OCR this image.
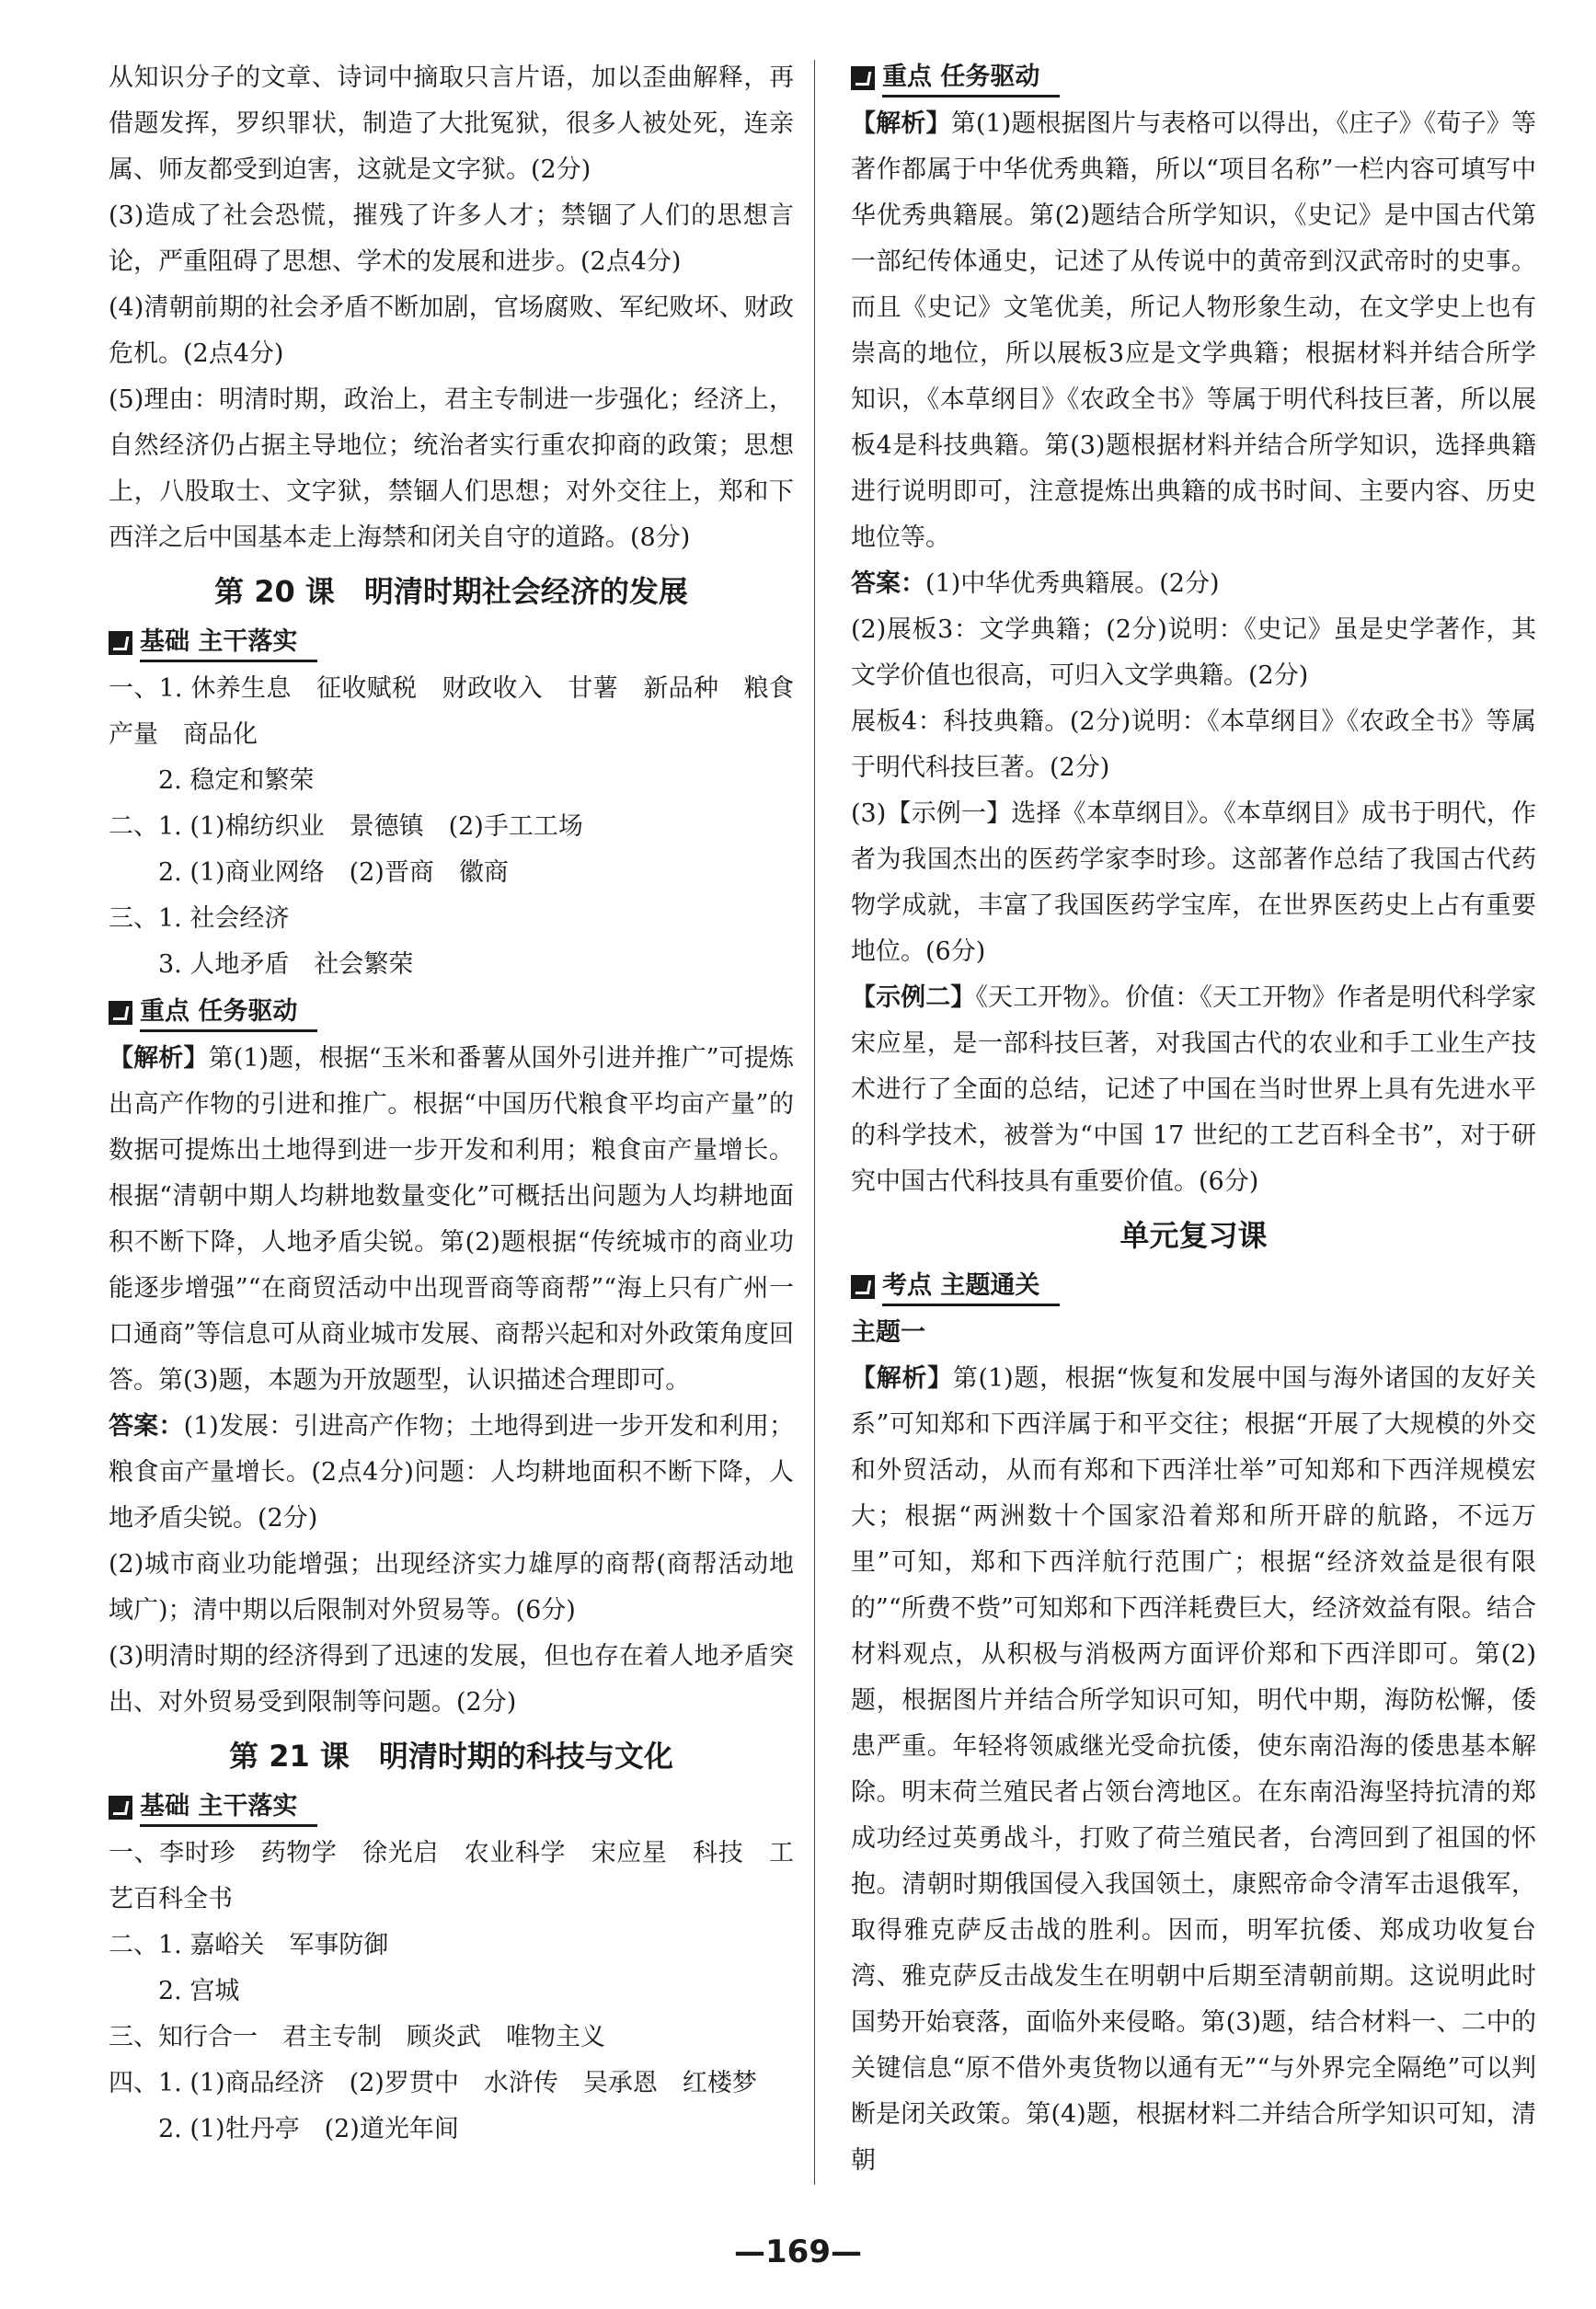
从知识分子的文章、诗词中摘取只言片语，加以歪曲解释，再借题发挥，罗织罪状，制造了大批冤狱，很多人被处死，连亲属、师友都受到迫害，这就是文字狱。(2分)

(3)造成了社会恐慌，摧残了许多人才；禁锢了人们的思想言论，严重阻碍了思想、学术的发展和进步。(2点4分)

(4)清朝前期的社会矛盾不断加剧，官场腐败、军纪败坏、财政危机。(2点4分)

(5)理由：明清时期，政治上，君主专制进一步强化；经济上，自然经济仍占据主导地位；统治者实行重农抑商的政策；思想上，八股取士、文字狱，禁锢人们思想；对外交往上，郑和下西洋之后中国基本走上海禁和闭关自守的道路。(8分)

第 20 课　明清时期社会经济的发展
基础 主干落实

一、1. 休养生息　征收赋税　财政收入　甘薯　新品种　粮食产量　商品化

2. 稳定和繁荣

二、1. (1)棉纺织业　景德镇　(2)手工工场

2. (1)商业网络　(2)晋商　徽商

三、1. 社会经济

3. 人地矛盾　社会繁荣

重点 任务驱动

【解析】第(1)题，根据“玉米和番薯从国外引进并推广”可提炼出高产作物的引进和推广。根据“中国历代粮食平均亩产量”的数据可提炼出土地得到进一步开发和利用；粮食亩产量增长。根据“清朝中期人均耕地数量变化”可概括出问题为人均耕地面积不断下降，人地矛盾尖锐。第(2)题根据“传统城市的商业功能逐步增强”“在商贸活动中出现晋商等商帮”“海上只有广州一口通商”等信息可从商业城市发展、商帮兴起和对外政策角度回答。第(3)题，本题为开放题型，认识描述合理即可。

答案：(1)发展：引进高产作物；土地得到进一步开发和利用；粮食亩产量增长。(2点4分)问题：人均耕地面积不断下降，人地矛盾尖锐。(2分)

(2)城市商业功能增强；出现经济实力雄厚的商帮(商帮活动地域广)；清中期以后限制对外贸易等。(6分)

(3)明清时期的经济得到了迅速的发展，但也存在着人地矛盾突出、对外贸易受到限制等问题。(2分)

第 21 课　明清时期的科技与文化
基础 主干落实

一、李时珍　药物学　徐光启　农业科学　宋应星　科技　工艺百科全书

二、1. 嘉峪关　军事防御

2. 宫城

三、知行合一　君主专制　顾炎武　唯物主义

四、1. (1)商品经济　(2)罗贯中　水浒传　吴承恩　红楼梦

2. (1)牡丹亭　(2)道光年间

重点 任务驱动

【解析】第(1)题根据图片与表格可以得出，《庄子》《荀子》等著作都属于中华优秀典籍，所以“项目名称”一栏内容可填写中华优秀典籍展。第(2)题结合所学知识，《史记》是中国古代第一部纪传体通史，记述了从传说中的黄帝到汉武帝时的史事。而且《史记》文笔优美，所记人物形象生动，在文学史上也有崇高的地位，所以展板3应是文学典籍；根据材料并结合所学知识，《本草纲目》《农政全书》等属于明代科技巨著，所以展板4是科技典籍。第(3)题根据材料并结合所学知识，选择典籍进行说明即可，注意提炼出典籍的成书时间、主要内容、历史地位等。

答案：(1)中华优秀典籍展。(2分)

(2)展板3：文学典籍；(2分)说明：《史记》虽是史学著作，其文学价值也很高，可归入文学典籍。(2分)

展板4：科技典籍。(2分)说明：《本草纲目》《农政全书》等属于明代科技巨著。(2分)

(3)【示例一】选择《本草纲目》。《本草纲目》成书于明代，作者为我国杰出的医药学家李时珍。这部著作总结了我国古代药物学成就，丰富了我国医药学宝库，在世界医药史上占有重要地位。(6分)

【示例二】《天工开物》。价值：《天工开物》作者是明代科学家宋应星，是一部科技巨著，对我国古代的农业和手工业生产技术进行了全面的总结，记述了中国在当时世界上具有先进水平的科学技术，被誉为“中国 17 世纪的工艺百科全书”，对于研究中国古代科技具有重要价值。(6分)

单元复习课
考点 主题通关
主题一

【解析】第(1)题，根据“恢复和发展中国与海外诸国的友好关系”可知郑和下西洋属于和平交往；根据“开展了大规模的外交和外贸活动，从而有郑和下西洋壮举”可知郑和下西洋规模宏大；根据“两洲数十个国家沿着郑和所开辟的航路，不远万里”可知，郑和下西洋航行范围广；根据“经济效益是很有限的”“所费不赀”可知郑和下西洋耗费巨大，经济效益有限。结合材料观点，从积极与消极两方面评价郑和下西洋即可。第(2)题，根据图片并结合所学知识可知，明代中期，海防松懈，倭患严重。年轻将领戚继光受命抗倭，使东南沿海的倭患基本解除。明末荷兰殖民者占领台湾地区。在东南沿海坚持抗清的郑成功经过英勇战斗，打败了荷兰殖民者，台湾回到了祖国的怀抱。清朝时期俄国侵入我国领土，康熙帝命令清军击退俄军，取得雅克萨反击战的胜利。因而，明军抗倭、郑成功收复台湾、雅克萨反击战发生在明朝中后期至清朝前期。这说明此时国势开始衰落，面临外来侵略。第(3)题，结合材料一、二中的关键信息“原不借外夷货物以通有无”“与外界完全隔绝”可以判断是闭关政策。第(4)题，根据材料二并结合所学知识可知，清朝

—169—
